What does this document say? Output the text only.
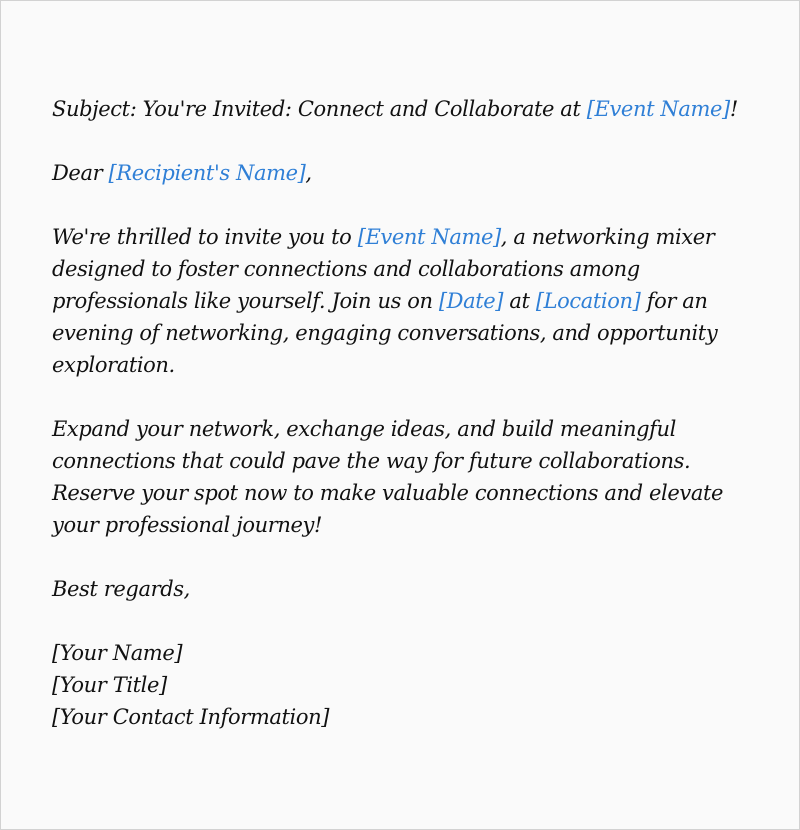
Subject: You're Invited: Connect and Collaborate at [Event Name]!
Dear [Recipient's Name],
We're thrilled to invite you to [Event Name], a networking mixer
designed to foster connections and collaborations among
professionals like yourself. Join us on [Date] at [Location] for an
evening of networking, engaging conversations, and opportunity
exploration.
Expand your network, exchange ideas, and build meaningful
connections that could pave the way for future collaborations.
Reserve your spot now to make valuable connections and elevate
your professional journey!
Best regards,
[Your Name]
[Your Title]
[Your Contact Information]
